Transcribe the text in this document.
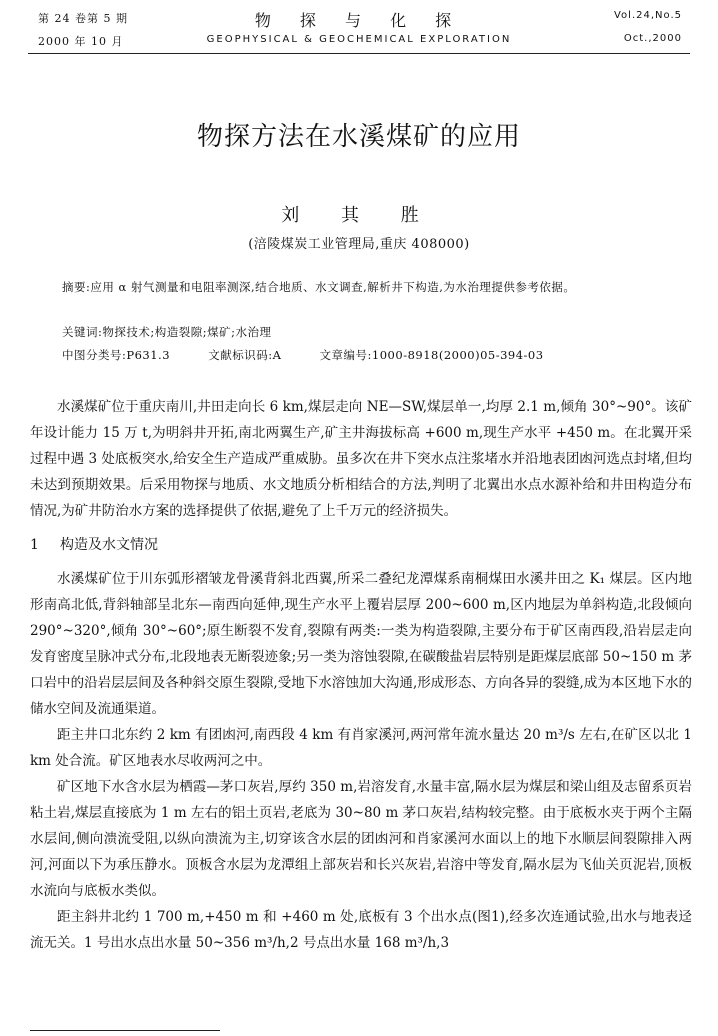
第 24 卷第 5 期
2000 年 10 月
物 探 与 化 探
GEOPHYSICAL & GEOCHEMICAL EXPLORATION
Vol.24,No.5
Oct.,2000
物探方法在水溪煤矿的应用
刘 其 胜
(涪陵煤炭工业管理局,重庆 408000)
摘要:应用 α 射气测量和电阻率测深,结合地质、水文调查,解析井下构造,为水治理提供参考依据。
关键词:物探技术;构造裂隙;煤矿;水治理
中图分类号:P631.3	文献标识码:A	文章编号:1000-8918(2000)05-394-03

水溪煤矿位于重庆南川,井田走向长 6 km,煤层走向 NE—SW,煤层单一,均厚 2.1 m,倾角 30°~90°。该矿年设计能力 15 万 t,为明斜井开拓,南北两翼生产,矿主井海拔标高 +600 m,现生产水平 +450 m。在北翼开采过程中遇 3 处底板突水,给安全生产造成严重威胁。虽多次在井下突水点注浆堵水并沿地表团凼河选点封堵,但均未达到预期效果。后采用物探与地质、水文地质分析相结合的方法,判明了北翼出水点水源补给和井田构造分布情况,为矿井防治水方案的选择提供了依据,避免了上千万元的经济损失。

1 构造及水文情况

水溪煤矿位于川东弧形褶皱龙骨溪背斜北西翼,所采二叠纪龙潭煤系南桐煤田水溪井田之 K₁ 煤层。区内地形南高北低,背斜轴部呈北东—南西向延伸,现生产水平上覆岩层厚 200~600 m,区内地层为单斜构造,北段倾向 290°~320°,倾角 30°~60°;原生断裂不发育,裂隙有两类:一类为构造裂隙,主要分布于矿区南西段,沿岩层走向发育密度呈脉冲式分布,北段地表无断裂迹象;另一类为溶蚀裂隙,在碳酸盐岩层特别是距煤层底部 50~150 m 茅口岩中的沿岩层层间及各种斜交原生裂隙,受地下水溶蚀加大沟通,形成形态、方向各异的裂缝,成为本区地下水的储水空间及流通渠道。

距主井口北东约 2 km 有团凼河,南西段 4 km 有肖家溪河,两河常年流水量达 20 m³/s 左右,在矿区以北 1 km 处合流。矿区地表水尽收两河之中。

矿区地下水含水层为栖霞—茅口灰岩,厚约 350 m,岩溶发育,水量丰富,隔水层为煤层和梁山组及志留系页岩粘土岩,煤层直接底为 1 m 左右的铝土页岩,老底为 30~80 m 茅口灰岩,结构较完整。由于底板水夹于两个主隔水层间,侧向溃流受阻,以纵向溃流为主,切穿该含水层的团凼河和肖家溪河水面以上的地下水顺层间裂隙排入两河,河面以下为承压静水。顶板含水层为龙潭组上部灰岩和长兴灰岩,岩溶中等发育,隔水层为飞仙关页泥岩,顶板水流向与底板水类似。

距主斜井北约 1 700 m,+450 m 和 +460 m 处,底板有 3 个出水点(图1),经多次连通试验,出水与地表迳流无关。1 号出水点出水量 50~356 m³/h,2 号点出水量 168 m³/h,3
